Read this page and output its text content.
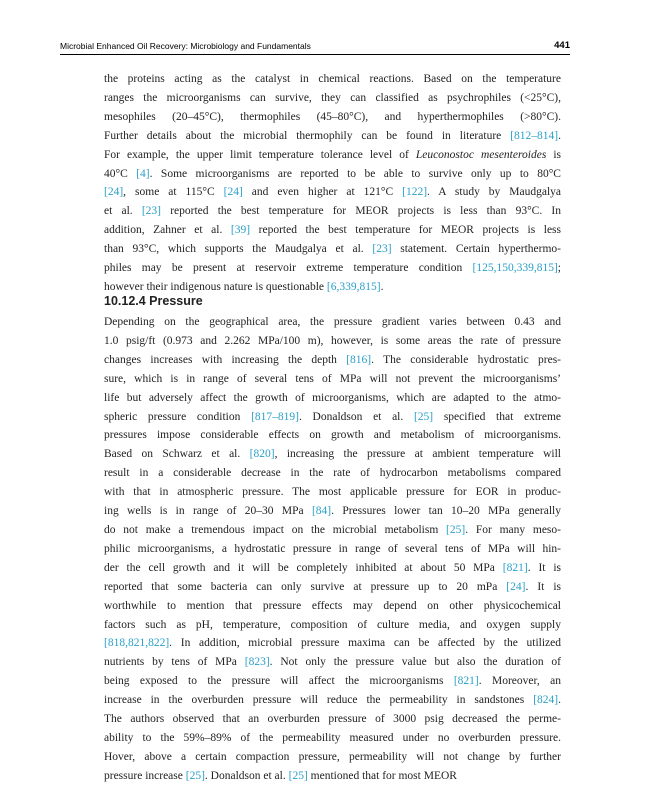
Microbial Enhanced Oil Recovery: Microbiology and Fundamentals	441
the proteins acting as the catalyst in chemical reactions. Based on the temperature
ranges the microorganisms can survive, they can classified as psychrophiles (<25°C),
mesophiles (20–45°C), thermophiles (45–80°C), and hyperthermophiles (>80°C).
Further details about the microbial thermophily can be found in literature [812–814].
For example, the upper limit temperature tolerance level of Leuconostoc mesenteroides is
40°C [4]. Some microorganisms are reported to be able to survive only up to 80°C
[24], some at 115°C [24] and even higher at 121°C [122]. A study by Maudgalya
et al. [23] reported the best temperature for MEOR projects is less than 93°C. In
addition, Zahner et al. [39] reported the best temperature for MEOR projects is less
than 93°C, which supports the Maudgalya et al. [23] statement. Certain hyperthermo-
philes may be present at reservoir extreme temperature condition [125,150,339,815];
however their indigenous nature is questionable [6,339,815].
10.12.4 Pressure
Depending on the geographical area, the pressure gradient varies between 0.43 and
1.0 psig/ft (0.973 and 2.262 MPa/100 m), however, is some areas the rate of pressure
changes increases with increasing the depth [816]. The considerable hydrostatic pres-
sure, which is in range of several tens of MPa will not prevent the microorganisms’
life but adversely affect the growth of microorganisms, which are adapted to the atmo-
spheric pressure condition [817–819]. Donaldson et al. [25] specified that extreme
pressures impose considerable effects on growth and metabolism of microorganisms.
Based on Schwarz et al. [820], increasing the pressure at ambient temperature will
result in a considerable decrease in the rate of hydrocarbon metabolisms compared
with that in atmospheric pressure. The most applicable pressure for EOR in produc-
ing wells is in range of 20–30 MPa [84]. Pressures lower tan 10–20 MPa generally
do not make a tremendous impact on the microbial metabolism [25]. For many meso-
philic microorganisms, a hydrostatic pressure in range of several tens of MPa will hin-
der the cell growth and it will be completely inhibited at about 50 MPa [821]. It is
reported that some bacteria can only survive at pressure up to 20 mPa [24]. It is
worthwhile to mention that pressure effects may depend on other physicochemical
factors such as pH, temperature, composition of culture media, and oxygen supply
[818,821,822]. In addition, microbial pressure maxima can be affected by the utilized
nutrients by tens of MPa [823]. Not only the pressure value but also the duration of
being exposed to the pressure will affect the microorganisms [821]. Moreover, an
increase in the overburden pressure will reduce the permeability in sandstones [824].
The authors observed that an overburden pressure of 3000 psig decreased the perme-
ability to the 59%–89% of the permeability measured under no overburden pressure.
Hover, above a certain compaction pressure, permeability will not change by further
pressure increase [25]. Donaldson et al. [25] mentioned that for most MEOR
